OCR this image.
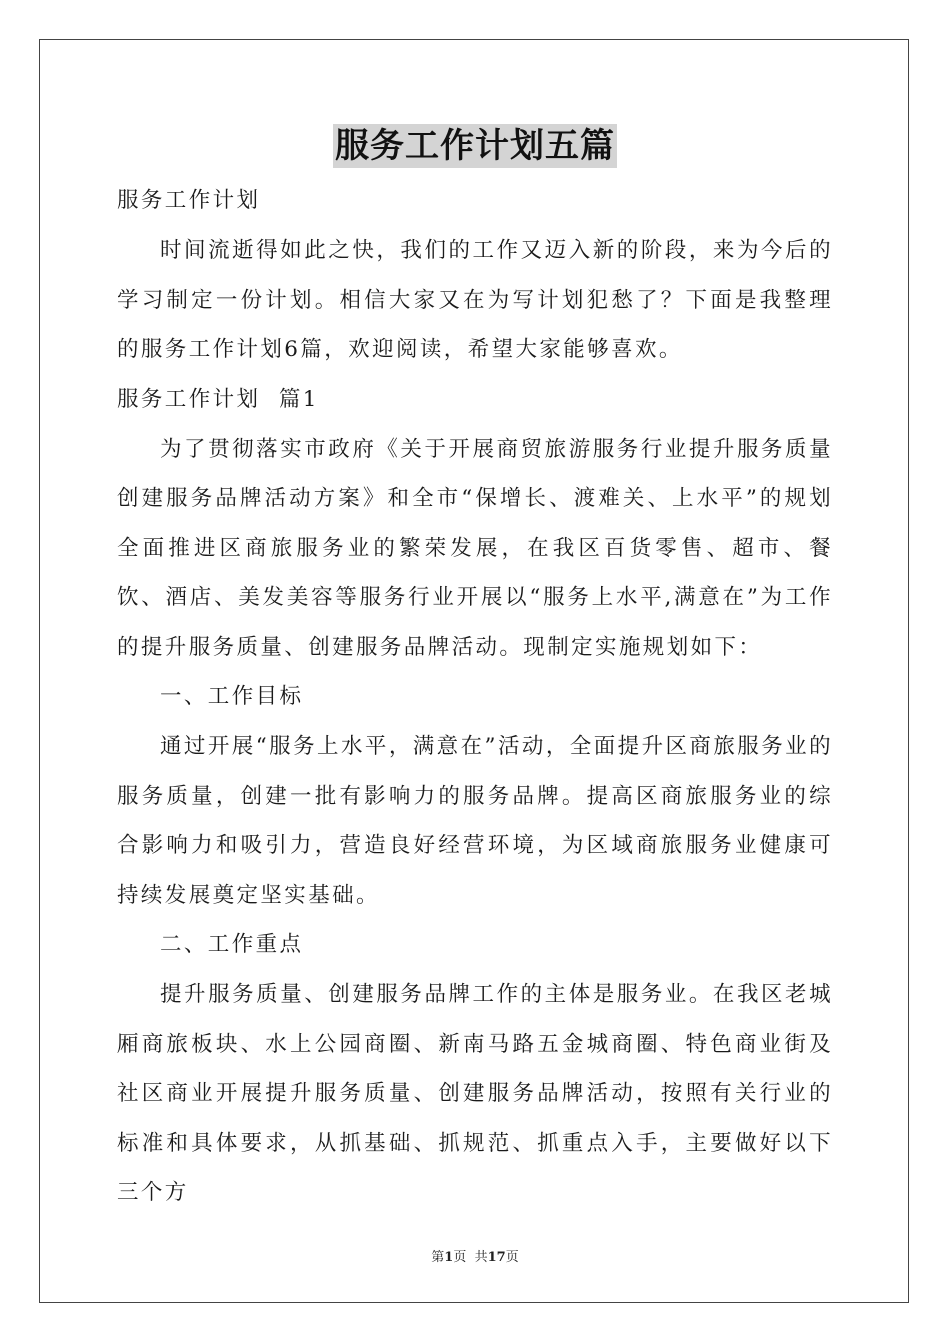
服务工作计划五篇

服务工作计划

时间流逝得如此之快，我们的工作又迈入新的阶段，来为今后的学习制定一份计划。相信大家又在为写计划犯愁了？下面是我整理的服务工作计划6篇，欢迎阅读，希望大家能够喜欢。

服务工作计划  篇1

为了贯彻落实市政府《关于开展商贸旅游服务行业提升服务质量创建服务品牌活动方案》和全市“保增长、渡难关、上水平”的规划全面推进区商旅服务业的繁荣发展，在我区百货零售、超市、餐饮、酒店、美发美容等服务行业开展以“服务上水平,满意在”为工作的提升服务质量、创建服务品牌活动。现制定实施规划如下：

一、工作目标

通过开展“服务上水平，满意在”活动，全面提升区商旅服务业的服务质量，创建一批有影响力的服务品牌。提高区商旅服务业的综合影响力和吸引力，营造良好经营环境，为区域商旅服务业健康可持续发展奠定坚实基础。

二、工作重点

提升服务质量、创建服务品牌工作的主体是服务业。在我区老城厢商旅板块、水上公园商圈、新南马路五金城商圈、特色商业街及社区商业开展提升服务质量、创建服务品牌活动，按照有关行业的标准和具体要求，从抓基础、抓规范、抓重点入手，主要做好以下三个方

第1页  共17页
